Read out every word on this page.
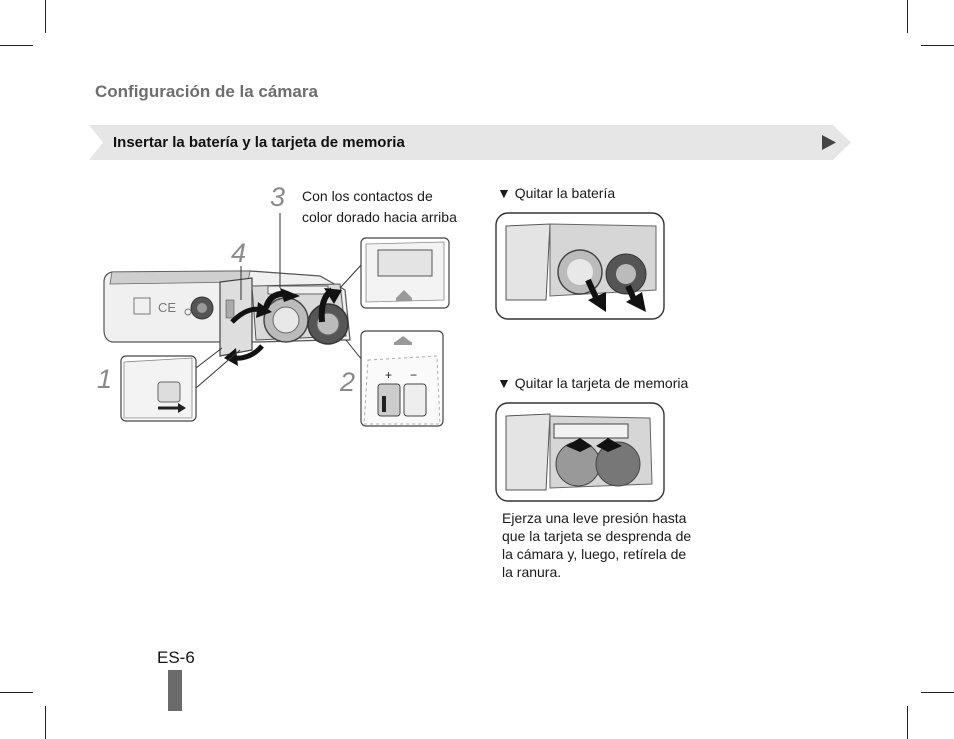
Configuración de la cámara
Insertar la batería y la tarjeta de memoria
CE
1	2
3
4
+ −
Con los contactos de
color dorado hacia arriba
▼ Quitar la batería
▼ Quitar la tarjeta de memoria
Ejerza una leve presión hasta
que la tarjeta se desprenda de
la cámara y, luego, retírela de
la ranura.
ES-6
